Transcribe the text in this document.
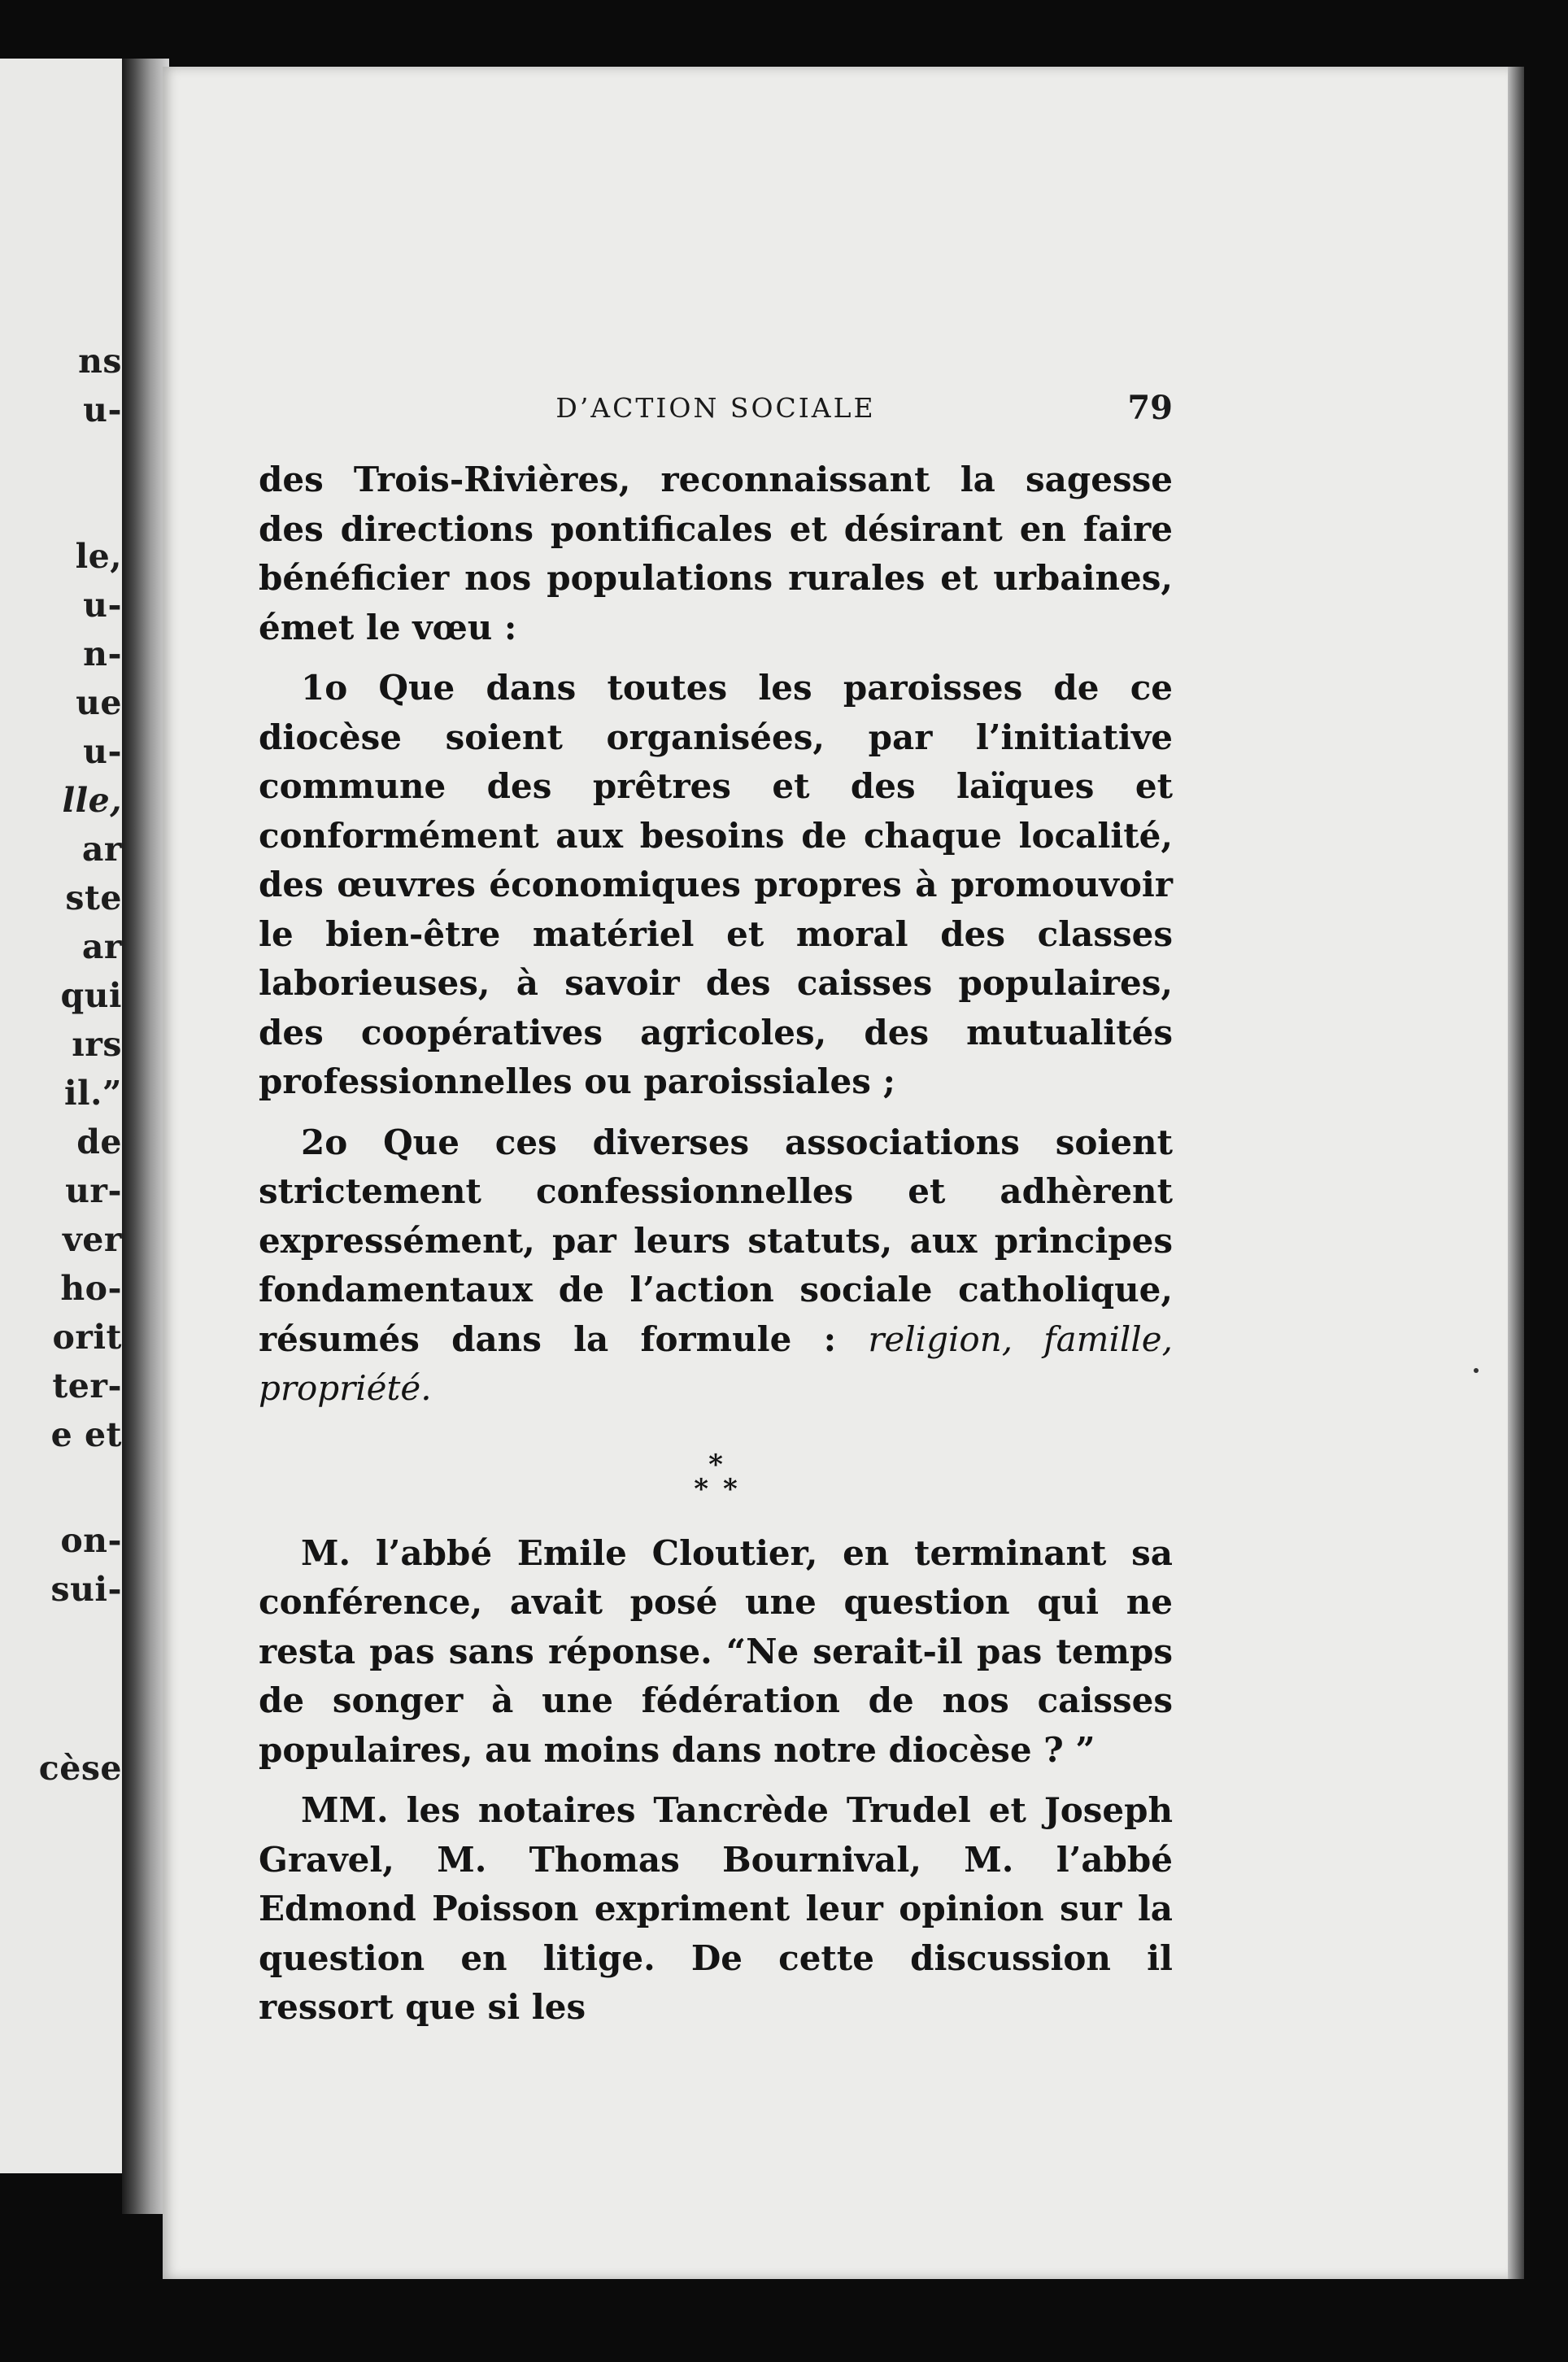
ns
u-
le,
u-
n-
ue
u-
lle,
ar
ste
ar
qui
ırs
il.”
de
ur-
ver
ho-
orit
ter-
e et
on-
sui-
cèse
D’ACTION SOCIALE	79

des Trois-Rivières, reconnaissant la sagesse des directions pontificales et désirant en faire bénéficier nos populations rurales et urbaines, émet le vœu :

1o Que dans toutes les paroisses de ce diocèse soient organisées, par l’initiative commune des prêtres et des laïques et conformément aux besoins de chaque localité, des œuvres économiques propres à promouvoir le bien-être matériel et moral des classes laborieuses, à savoir des caisses populaires, des coopératives agricoles, des mutualités professionnelles ou paroissiales ;

2o Que ces diverses associations soient strictement confessionnelles et adhèrent expressément, par leurs statuts, aux principes fondamentaux de l’action sociale catholique, résumés dans la formule : religion, famille, propriété.

*
**

M. l’abbé Emile Cloutier, en terminant sa conférence, avait posé une question qui ne resta pas sans réponse. “Ne serait-il pas temps de songer à une fédération de nos caisses populaires, au moins dans notre diocèse ? ”

MM. les notaires Tancrède Trudel et Joseph Gravel, M. Thomas Bournival, M. l’abbé Edmond Poisson expriment leur opinion sur la question en litige. De cette discussion il ressort que si les
